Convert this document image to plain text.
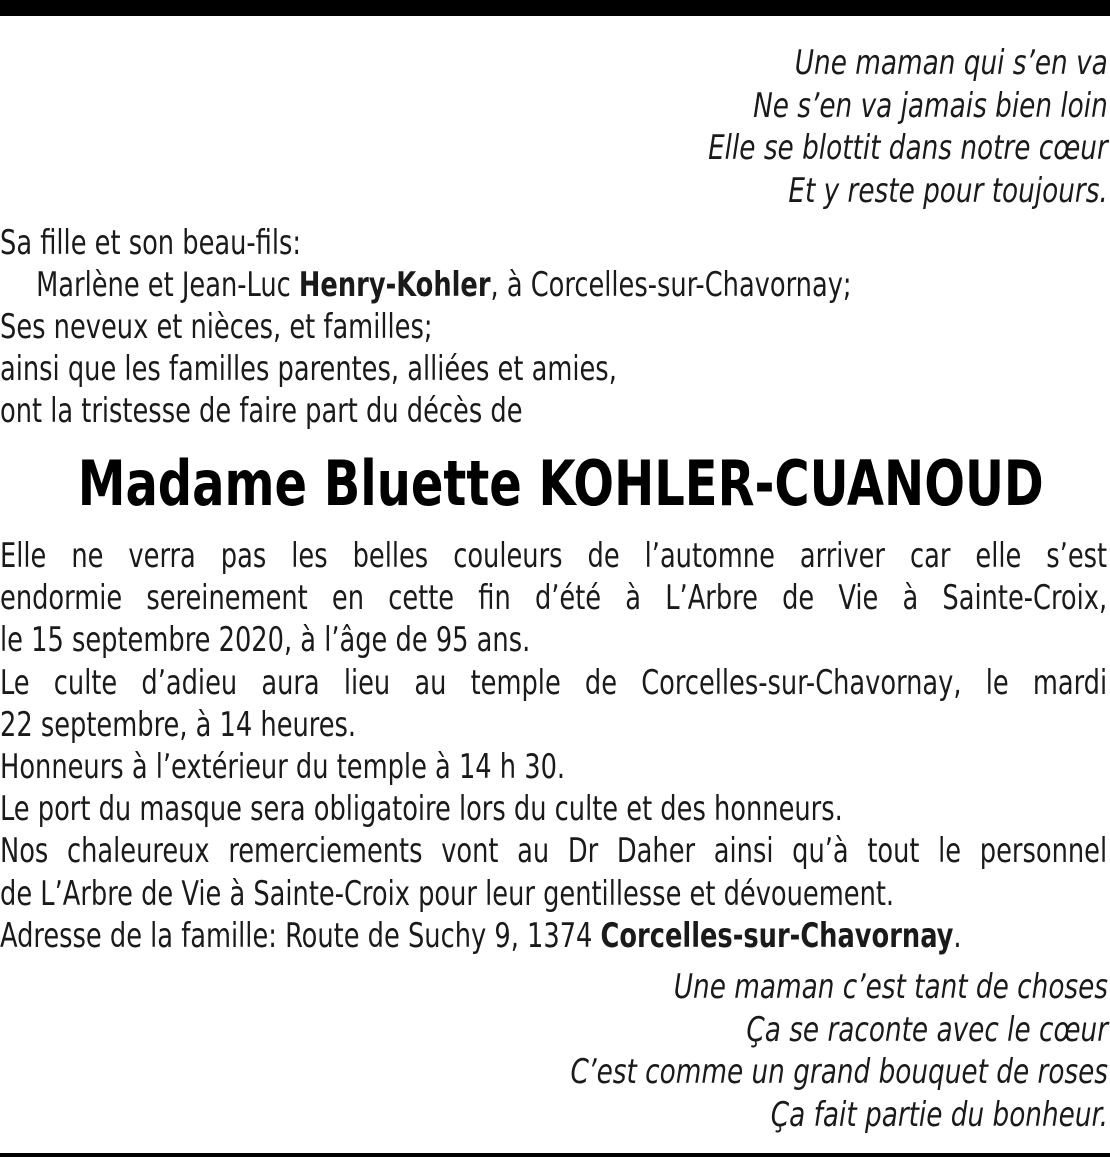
Une maman qui s’en va
Ne s’en va jamais bien loin
Elle se blottit dans notre cœur
Et y reste pour toujours.
Sa fille et son beau-fils:
Marlène et Jean-Luc Henry-Kohler, à Corcelles-sur-Chavornay;
Ses neveux et nièces, et familles;
ainsi que les familles parentes, alliées et amies,
ont la tristesse de faire part du décès de
Madame Bluette KOHLER-CUANOUD
Elle ne verra pas les belles couleurs de l’automne arriver car elle s’est
endormie sereinement en cette fin d’été à L’Arbre de Vie à Sainte-Croix,
le 15 septembre 2020, à l’âge de 95 ans.
Le culte d’adieu aura lieu au temple de Corcelles-sur-Chavornay, le mardi
22 septembre, à 14 heures.
Honneurs à l’extérieur du temple à 14 h 30.
Le port du masque sera obligatoire lors du culte et des honneurs.
Nos chaleureux remerciements vont au Dr Daher ainsi qu’à tout le personnel
de L’Arbre de Vie à Sainte-Croix pour leur gentillesse et dévouement.
Adresse de la famille: Route de Suchy 9, 1374 Corcelles-sur-Chavornay.
Une maman c’est tant de choses
Ça se raconte avec le cœur
C’est comme un grand bouquet de roses
Ça fait partie du bonheur.
